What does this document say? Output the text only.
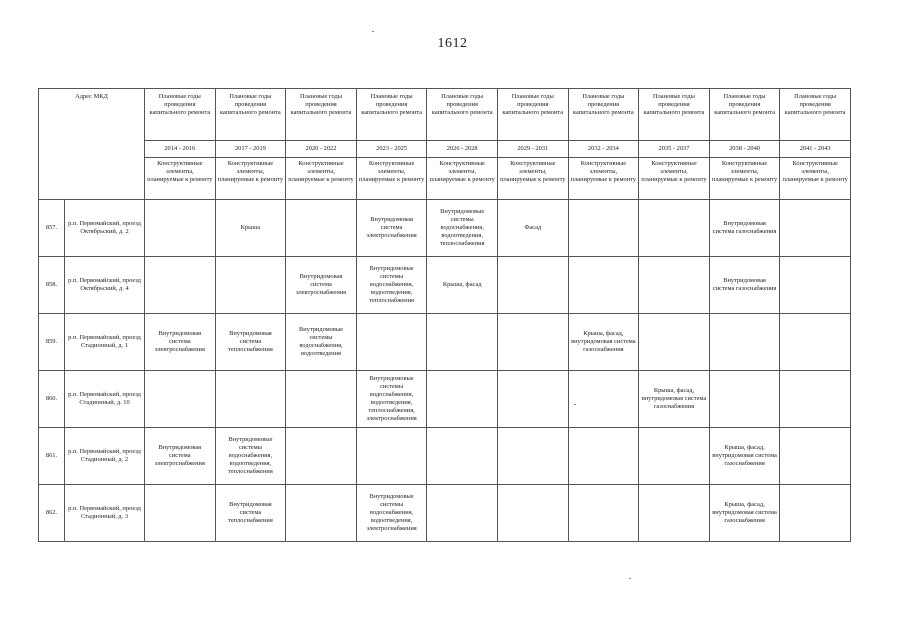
1612
Адрес МКД		Плановые годы проведения капитального ремонта	Плановые годы проведения капитального ремонта	Плановые годы проведения капитального ремонта	Плановые годы проведения капитального ремонта	Плановые годы проведения капитального ремонта	Плановые годы проведения капитального ремонта	Плановые годы проведения капитального ремонта	Плановые годы проведения капитального ремонта	Плановые годы проведения капитального ремонта	Плановые годы проведения капитального ремонта
		2014 - 2016	2017 - 2019	2020 - 2022	2023 - 2025	2026 - 2028	2029 - 2031	2032 - 2034	2035 - 2037	2038 - 2040	2041 - 2043
		Конструктивные элементы, планируемые к ремонту	Конструктивные элементы, планируемые к ремонту	Конструктивные элементы, планируемые к ремонту	Конструктивные элементы, планируемые к ремонту	Конструктивные элементы, планируемые к ремонту	Конструктивные элементы, планируемые к ремонту	Конструктивные элементы, планируемые к ремонту	Конструктивные элементы, планируемые к ремонту	Конструктивные элементы, планируемые к ремонту	Конструктивные элементы, планируемые к ремонту
857.	р.п. Первомайский, проезд Октябрьский, д. 2		Крыша		Внутридомовая система электроснабжения	Внутридомовые системы водоснабжения, водоотведения, теплоснабжения	Фасад			Внутридомовая система газоснабжения	
858.	р.п. Первомайский, проезд Октябрьский, д. 4			Внутридомовая система электроснабжения	Внутридомовые системы водоснабжения, водоотведения, теплоснабжения	Крыша, фасад				Внутридомовая система газоснабжения	
859.	р.п. Первомайский, проезд Стадионный, д. 1	Внутридомовая система электроснабжения	Внутридомовая система теплоснабжения	Внутридомовые системы водоснабжения, водоотведения				Крыша, фасад, внутридомовая система газоснабжения			
860.	р.п. Первомайский, проезд Стадионный, д. 10				Внутридомовые системы водоснабжения, водоотведения, теплоснабжения, электроснабжения				Крыша, фасад, внутридомовая система газоснабжения		
861.	р.п. Первомайский, проезд Стадионный, д. 2	Внутридомовая система электроснабжения	Внутридомовые системы водоснабжения, водоотведения, теплоснабжения							Крыша, фасад, внутридомовая система газоснабжения	
862.	р.п. Первомайский, проезд Стадионный, д. 3		Внутридомовая система теплоснабжения		Внутридомовые системы водоснабжения, водоотведения, электроснабжения					Крыша, фасад, внутридомовая система газоснабжения	
